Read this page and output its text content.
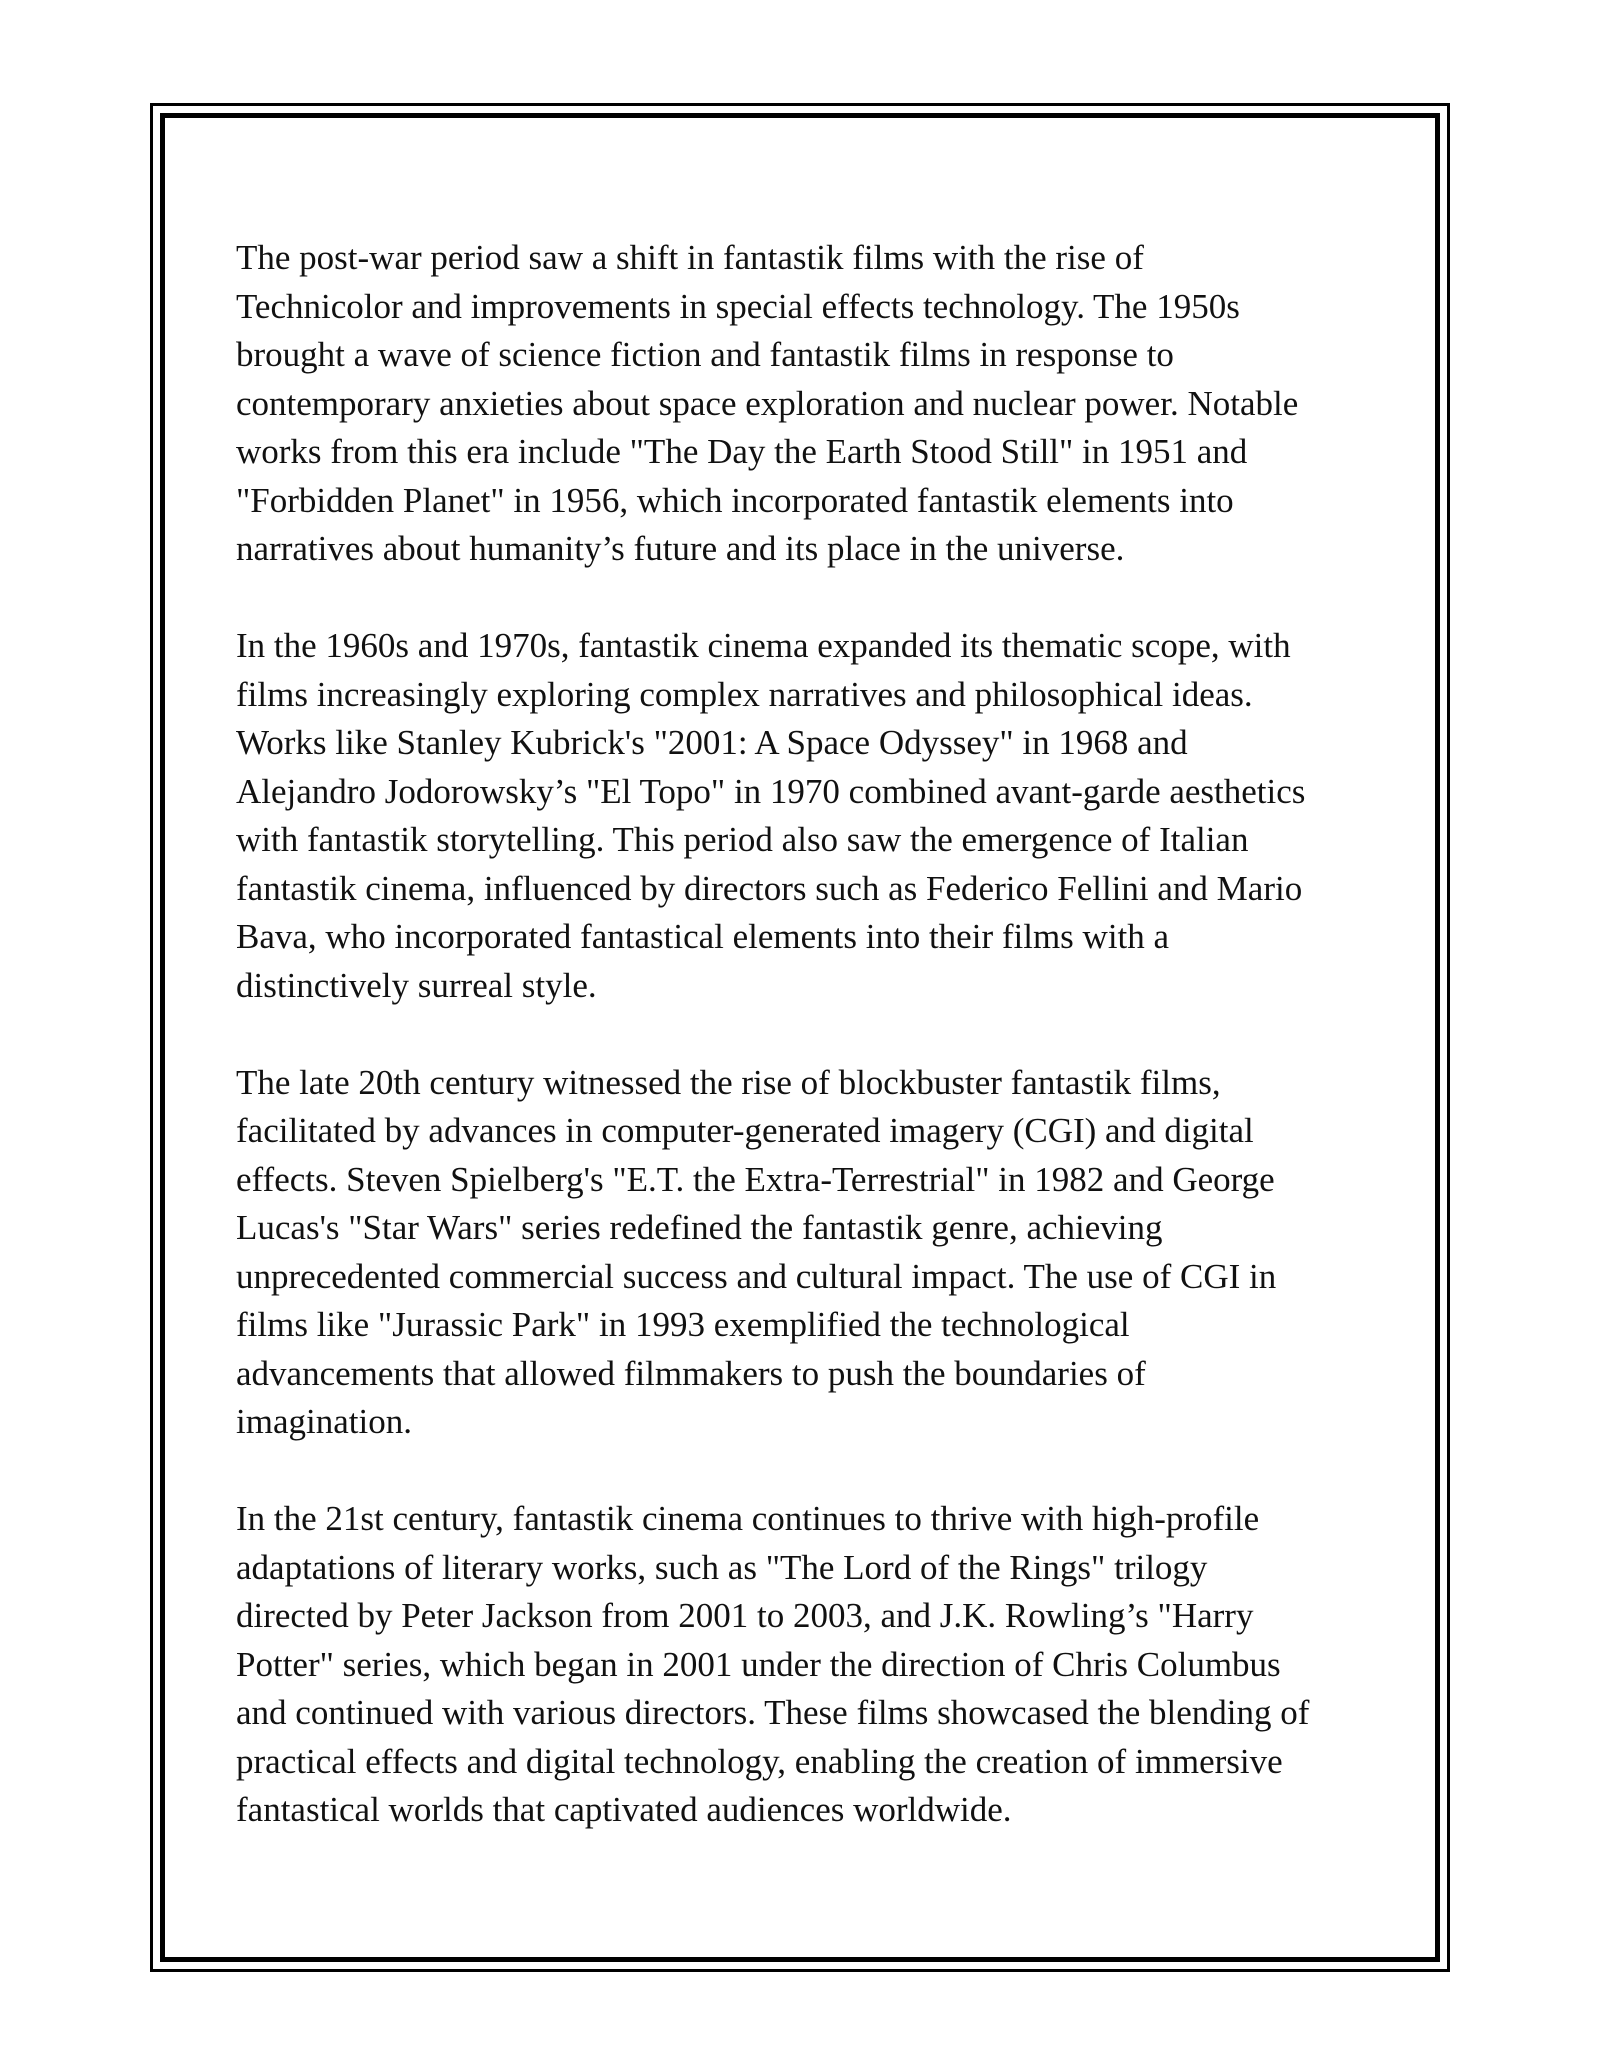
The post-war period saw a shift in fantastik films with the rise of
Technicolor and improvements in special effects technology. The 1950s
brought a wave of science fiction and fantastik films in response to
contemporary anxieties about space exploration and nuclear power. Notable
works from this era include "The Day the Earth Stood Still" in 1951 and
"Forbidden Planet" in 1956, which incorporated fantastik elements into
narratives about humanity’s future and its place in the universe.

In the 1960s and 1970s, fantastik cinema expanded its thematic scope, with
films increasingly exploring complex narratives and philosophical ideas.
Works like Stanley Kubrick's "2001: A Space Odyssey" in 1968 and
Alejandro Jodorowsky’s "El Topo" in 1970 combined avant-garde aesthetics
with fantastik storytelling. This period also saw the emergence of Italian
fantastik cinema, influenced by directors such as Federico Fellini and Mario
Bava, who incorporated fantastical elements into their films with a
distinctively surreal style.

The late 20th century witnessed the rise of blockbuster fantastik films,
facilitated by advances in computer-generated imagery (CGI) and digital
effects. Steven Spielberg's "E.T. the Extra-Terrestrial" in 1982 and George
Lucas's "Star Wars" series redefined the fantastik genre, achieving
unprecedented commercial success and cultural impact. The use of CGI in
films like "Jurassic Park" in 1993 exemplified the technological
advancements that allowed filmmakers to push the boundaries of
imagination.

In the 21st century, fantastik cinema continues to thrive with high-profile
adaptations of literary works, such as "The Lord of the Rings" trilogy
directed by Peter Jackson from 2001 to 2003, and J.K. Rowling’s "Harry
Potter" series, which began in 2001 under the direction of Chris Columbus
and continued with various directors. These films showcased the blending of
practical effects and digital technology, enabling the creation of immersive
fantastical worlds that captivated audiences worldwide.
